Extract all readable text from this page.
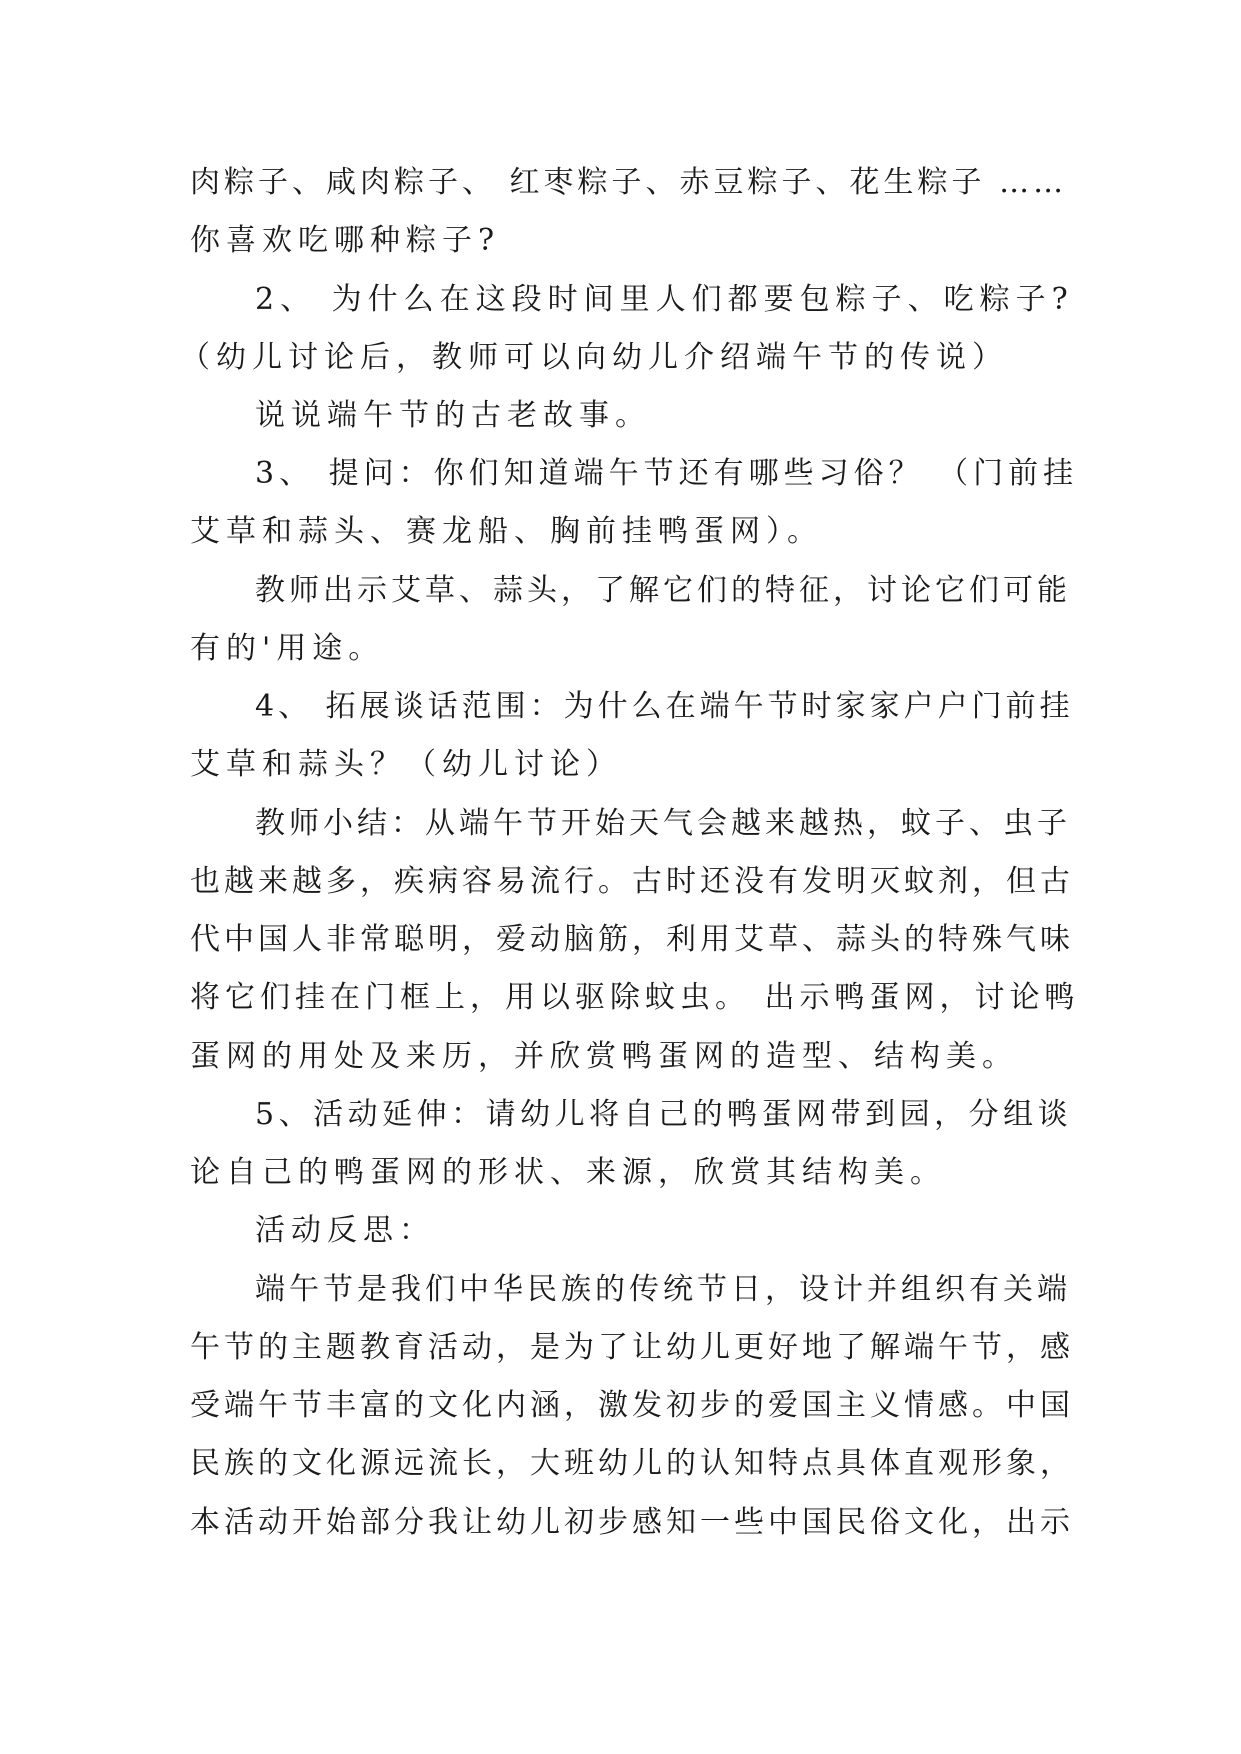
肉粽子、咸肉粽子、 红枣粽子、赤豆粽子、花生粽子 ……
你喜欢吃哪种粽子?
2、 为什么在这段时间里人们都要包粽子、吃粽子?
（幼儿讨论后，教师可以向幼儿介绍端午节的传说）
说说端午节的古老故事。
3、 提问：你们知道端午节还有哪些习俗？ （门前挂
艾草和蒜头、赛龙船、胸前挂鸭蛋网）。
教师出示艾草、蒜头，了解它们的特征，讨论它们可能
有的'用途。
4、 拓展谈话范围：为什么在端午节时家家户户门前挂
艾草和蒜头？（幼儿讨论）
教师小结：从端午节开始天气会越来越热，蚊子、虫子
也越来越多，疾病容易流行。古时还没有发明灭蚊剂，但古
代中国人非常聪明，爱动脑筋，利用艾草、蒜头的特殊气味
将它们挂在门框上，用以驱除蚊虫。 出示鸭蛋网，讨论鸭
蛋网的用处及来历，并欣赏鸭蛋网的造型、结构美。
5、活动延伸：请幼儿将自己的鸭蛋网带到园，分组谈
论自己的鸭蛋网的形状、来源，欣赏其结构美。
活动反思：
端午节是我们中华民族的传统节日，设计并组织有关端
午节的主题教育活动，是为了让幼儿更好地了解端午节，感
受端午节丰富的文化内涵，激发初步的爱国主义情感。中国
民族的文化源远流长，大班幼儿的认知特点具体直观形象，
本活动开始部分我让幼儿初步感知一些中国民俗文化，出示
